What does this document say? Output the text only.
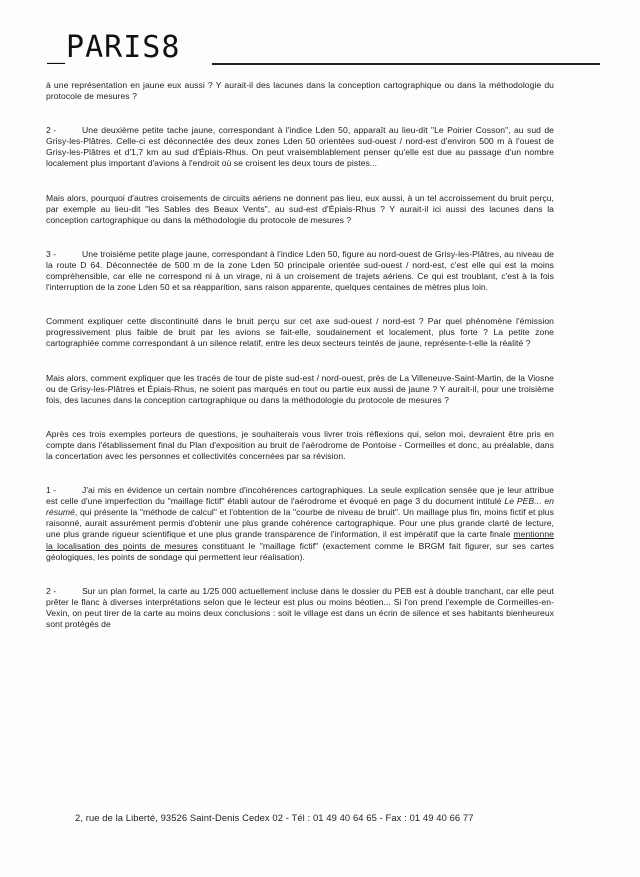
_PARIS8

à une représentation en jaune eux aussi ? Y aurait-il des lacunes dans la conception cartographique ou dans la méthodologie du protocole de mesures ?

2 -	Une deuxième petite tache jaune, correspondant à l'indice Lden 50, apparaît au lieu-dit "Le Poirier Cosson", au sud de Grisy-les-Plâtres. Celle-ci est déconnectée des deux zones Lden 50 orientées sud-ouest / nord-est d'environ 500 m à l'ouest de Grisy-les-Plâtres et d'1,7 km au sud d'Épiais-Rhus. On peut vraisemblablement penser qu'elle est due au passage d'un nombre localement plus important d'avions à l'endroit où se croisent les deux tours de pistes...

Mais alors, pourquoi d'autres croisements de circuits aériens ne donnent pas lieu, eux aussi, à un tel accroissement du bruit perçu, par exemple au lieu-dit "les Sables des Beaux Vents", au sud-est d'Épiais-Rhus ? Y aurait-il ici aussi des lacunes dans la conception cartographique ou dans la méthodologie du protocole de mesures ?

3 -	Une troisième petite plage jaune, correspondant à l'indice Lden 50, figure au nord-ouest de Grisy-les-Plâtres, au niveau de la route D 64. Déconnectée de 500 m de la zone Lden 50 principale orientée sud-ouest / nord-est, c'est elle qui est la moins compréhensible, car elle ne correspond ni à un virage, ni à un croisement de trajets aériens. Ce qui est troublant, c'est à la fois l'interruption de la zone Lden 50 et sa réapparition, sans raison apparente, quelques centaines de mètres plus loin.

Comment expliquer cette discontinuité dans le bruit perçu sur cet axe sud-ouest / nord-est ? Par quel phénomène l'émission progressivement plus faible de bruit par les avions se fait-elle, soudainement et localement, plus forte ? La petite zone cartographiée comme correspondant à un silence relatif, entre les deux secteurs teintés de jaune, représente-t-elle la réalité ?

Mais alors, comment expliquer que les tracés de tour de piste sud-est / nord-ouest, près de La Villeneuve-Saint-Martin, de la Viosne ou de Grisy-les-Plâtres et Épiais-Rhus, ne soient pas marqués en tout ou partie eux aussi de jaune ? Y aurait-il, pour une troisième fois, des lacunes dans la conception cartographique ou dans la méthodologie du protocole de mesures ?

Après ces trois exemples porteurs de questions, je souhaiterais vous livrer trois réflexions qui, selon moi, devraient être pris en compte dans l'établissement final du Plan d'exposition au bruit de l'aérodrome de Pontoise - Cormeilles et donc, au préalable, dans la concertation avec les personnes et collectivités concernées par sa révision.

1 -	J'ai mis en évidence un certain nombre d'incohérences cartographiques. La seule explication sensée que je leur attribue est celle d'une imperfection du "maillage fictif" établi autour de l'aérodrome et évoqué en page 3 du document intitulé Le PEB... en résumé, qui présente la "méthode de calcul" et l'obtention de la "courbe de niveau de bruit". Un maillage plus fin, moins fictif et plus raisonné, aurait assurément permis d'obtenir une plus grande cohérence cartographique. Pour une plus grande clarté de lecture, une plus grande rigueur scientifique et une plus grande transparence de l'information, il est impératif que la carte finale mentionne la localisation des points de mesures constituant le "maillage fictif" (exactement comme le BRGM fait figurer, sur ses cartes géologiques, les points de sondage qui permettent leur réalisation).

2 -	Sur un plan formel, la carte au 1/25 000 actuellement incluse dans le dossier du PEB est à double tranchant, car elle peut prêter le flanc à diverses interprétations selon que le lecteur est plus ou moins béotien... Si l'on prend l'exemple de Cormeilles-en-Vexin, on peut tirer de la carte au moins deux conclusions : soit le village est dans un écrin de silence et ses habitants bienheureux sont protégés de

2, rue de la Liberté, 93526 Saint-Denis Cedex 02 - Tél : 01 49 40 64 65 - Fax : 01 49 40 66 77
